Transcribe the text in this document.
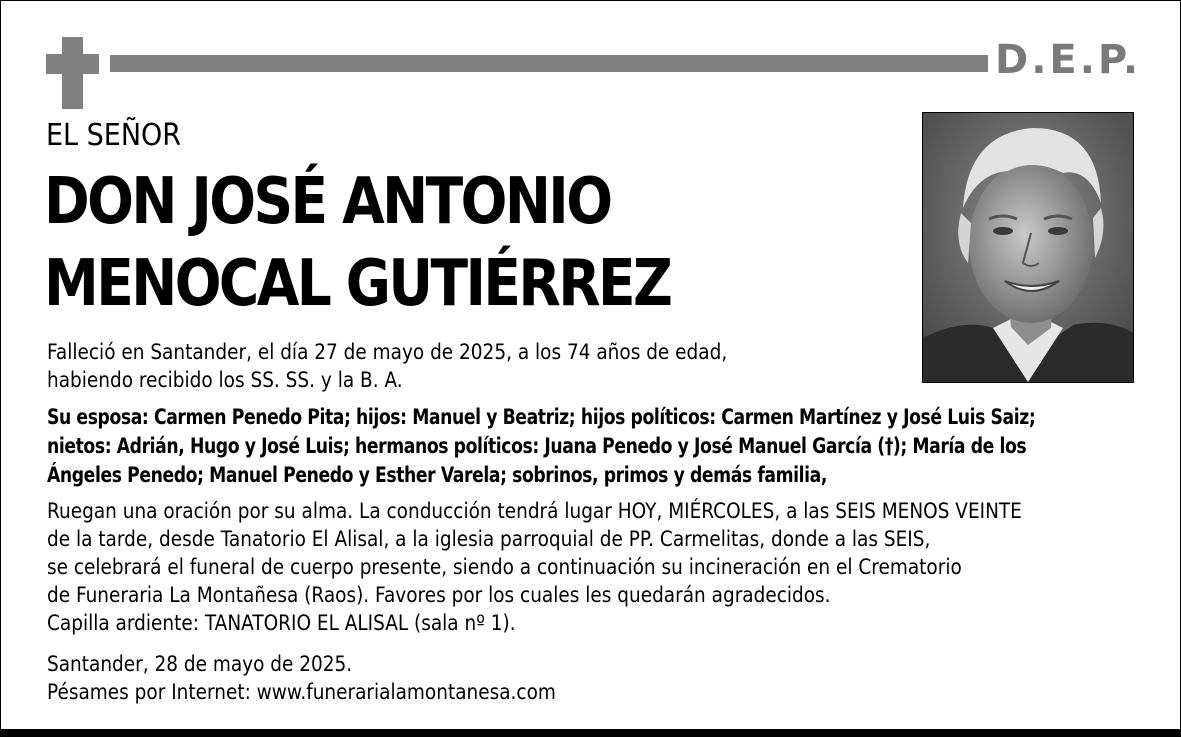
D.E.P.
EL SEÑOR
DON JOSÉ ANTONIO
MENOCAL GUTIÉRREZ
Falleció en Santander, el día 27 de mayo de 2025, a los 74 años de edad,
habiendo recibido los SS. SS. y la B. A.
Su esposa: Carmen Penedo Pita; hijos: Manuel y Beatriz; hijos políticos: Carmen Martínez y José Luis Saiz;
nietos: Adrián, Hugo y José Luis; hermanos políticos: Juana Penedo y José Manuel García (†); María de los
Ángeles Penedo; Manuel Penedo y Esther Varela; sobrinos, primos y demás familia,
Ruegan una oración por su alma. La conducción tendrá lugar HOY, MIÉRCOLES, a las SEIS MENOS VEINTE
de la tarde, desde Tanatorio El Alisal, a la iglesia parroquial de PP. Carmelitas, donde a las SEIS,
se celebrará el funeral de cuerpo presente, siendo a continuación su incineración en el Crematorio
de Funeraria La Montañesa (Raos). Favores por los cuales les quedarán agradecidos.
Capilla ardiente: TANATORIO EL ALISAL (sala nº 1).
Santander, 28 de mayo de 2025.
Pésames por Internet: www.funerarialamontanesa.com
